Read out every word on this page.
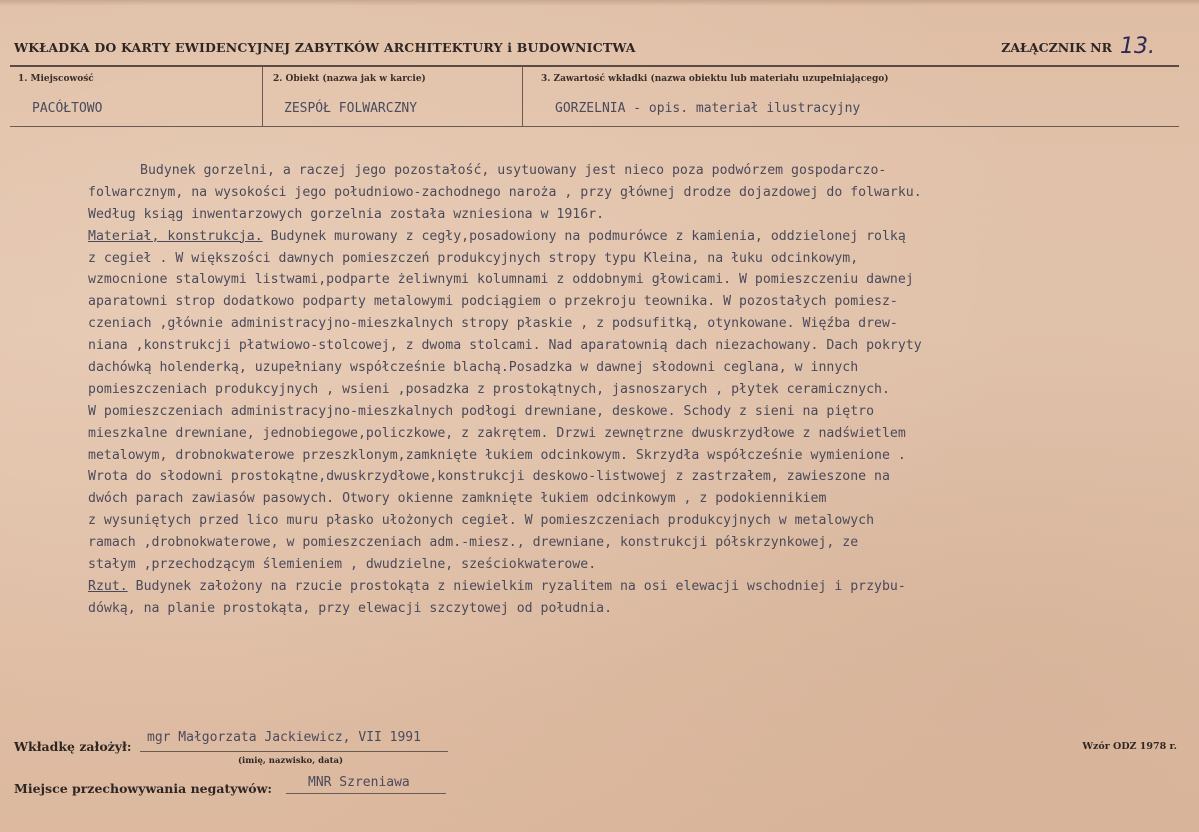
WKŁADKA DO KARTY EWIDENCYJNEJ ZABYTKÓW ARCHITEKTURY i BUDOWNICTWA	ZAŁĄCZNIK NR 13.
1. Miejscowość
PACÓŁTOWO
2. Obiekt (nazwa jak w karcie)
ZESPÓŁ FOLWARCZNY
3. Zawartość wkładki (nazwa obiektu lub materiału uzupełniającego)
GORZELNIA - opis. materiał ilustracyjny
Budynek gorzelni, a raczej jego pozostałość, usytuowany jest nieco poza podwórzem gospodarczo-
folwarcznym, na wysokości jego południowo-zachodnego naroża , przy głównej drodze dojazdowej do folwarku.
Według ksiąg inwentarzowych gorzelnia została wzniesiona w 1916r.
Materiał, konstrukcja. Budynek murowany z cegły,posadowiony na podmurówce z kamienia, oddzielonej rolką
z cegieł . W większości dawnych pomieszczeń produkcyjnych stropy typu Kleina, na łuku odcinkowym,
wzmocnione stalowymi listwami,podparte żeliwnymi kolumnami z oddobnymi głowicami. W pomieszczeniu dawnej
aparatowni strop dodatkowo podparty metalowymi podciągiem o przekroju teownika. W pozostałych pomiesz-
czeniach ,głównie administracyjno-mieszkalnych stropy płaskie , z podsufitką, otynkowane. Więźba drew-
niana ,konstrukcji płatwiowo-stolcowej, z dwoma stolcami. Nad aparatownią dach niezachowany. Dach pokryty
dachówką holenderką, uzupełniany współcześnie blachą.Posadzka w dawnej słodowni ceglana, w innych
pomieszczeniach produkcyjnych , wsieni ,posadzka z prostokątnych, jasnoszarych , płytek ceramicznych.
W pomieszczeniach administracyjno-mieszkalnych podłogi drewniane, deskowe. Schody z sieni na piętro
mieszkalne drewniane, jednobiegowe,policzkowe, z zakrętem. Drzwi zewnętrzne dwuskrzydłowe z nadświetlem
metalowym, drobnokwaterowe przeszklonym,zamknięte łukiem odcinkowym. Skrzydła współcześnie wymienione .
Wrota do słodowni prostokątne,dwuskrzydłowe,konstrukcji deskowo-listwowej z zastrzałem, zawieszone na
dwóch parach zawiasów pasowych. Otwory okienne zamknięte łukiem odcinkowym , z podokiennikiem
z wysuniętych przed lico muru płasko ułożonych cegieł. W pomieszczeniach produkcyjnych w metalowych
ramach ,drobnokwaterowe, w pomieszczeniach adm.-miesz., drewniane, konstrukcji półskrzynkowej, ze
stałym ,przechodzącym ślemieniem , dwudzielne, sześciokwaterowe.
Rzut. Budynek założony na rzucie prostokąta z niewielkim ryzalitem na osi elewacji wschodniej i przybu-
dówką, na planie prostokąta, przy elewacji szczytowej od południa.
Wkładkę założył:
mgr Małgorzata Jackiewicz, VII 1991
(imię, nazwisko, data)
Wzór ODZ 1978 r.
Miejsce przechowywania negatywów:	MNR Szreniawa
